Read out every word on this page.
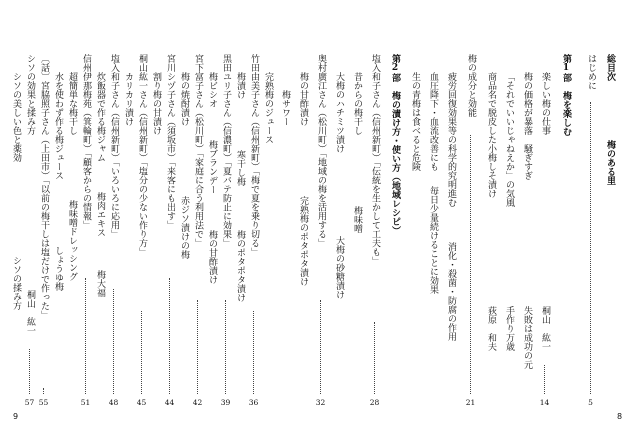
9	8
総目次
梅のある里
はじめに
5
第1部　梅を楽しむ
楽しい梅の仕事
桐山　紘一
14
梅の価格が暴落　騒ぎすぎ
失敗は成功の元
「それでいいじゃねえか」の気風
手作り万歳
商品名で脱皮した小梅しそ漬け
荻原　和夫
梅の成分と効能
21
疲労回復効果等の科学的究明進む
消化・殺菌・防腐の作用
血圧降下・血流改善にも
毎日少量続けることに効果
生の青梅は食べると危険
第2部　梅の漬け方・使い方（地域レシピ）
塩入和子さん（信州新町）「伝統を生かして工夫も」
28
昔からの梅干し
梅味噌
大梅のハチミツ漬け
大梅の砂糖漬け
奥村廣江さん（松川町）「地域の梅を活用する」
32
梅の甘酢漬け
完熟梅のポタポタ漬け
梅サワー
完熟梅のジュース
竹田由美子さん（信州新町）「梅で夏を乗り切る」
36
梅漬け
寒干し梅
梅のポタポタ漬け
黒田ユリ子さん（信濃町）「夏バテ防止に効果」
39
梅ビシオ
梅ブランデー
梅の甘酢漬け
宮下富子さん（松川町）「家庭に合う利用法で」
42
梅の焼酎漬け
赤ジソ漬けの梅
宮川シヅ子さん（須坂市）「来客にも出す」
44
割り梅の甘漬け
桐山紘一さん（信州新町）「塩分の少ない作り方」
45
カリカリ漬け
塩入和子さん（信州新町）「いろいろに応用」
48
炊飯器で作る梅ジャム
梅肉エキス
梅大福
信州伊那梅苑（箕輪町）「顧客からの情報」
51
超簡単な梅干し
梅味噌ドレッシング
水を使わず作る梅ジュース
しょうゆ梅
〔話〕宮脇照子さん（上田市）「以前の梅干しは塩だけで作った」
55
シソの効果と揉み方
桐山　紘一
57
シソの美しい色と薬効
シソの揉み方
